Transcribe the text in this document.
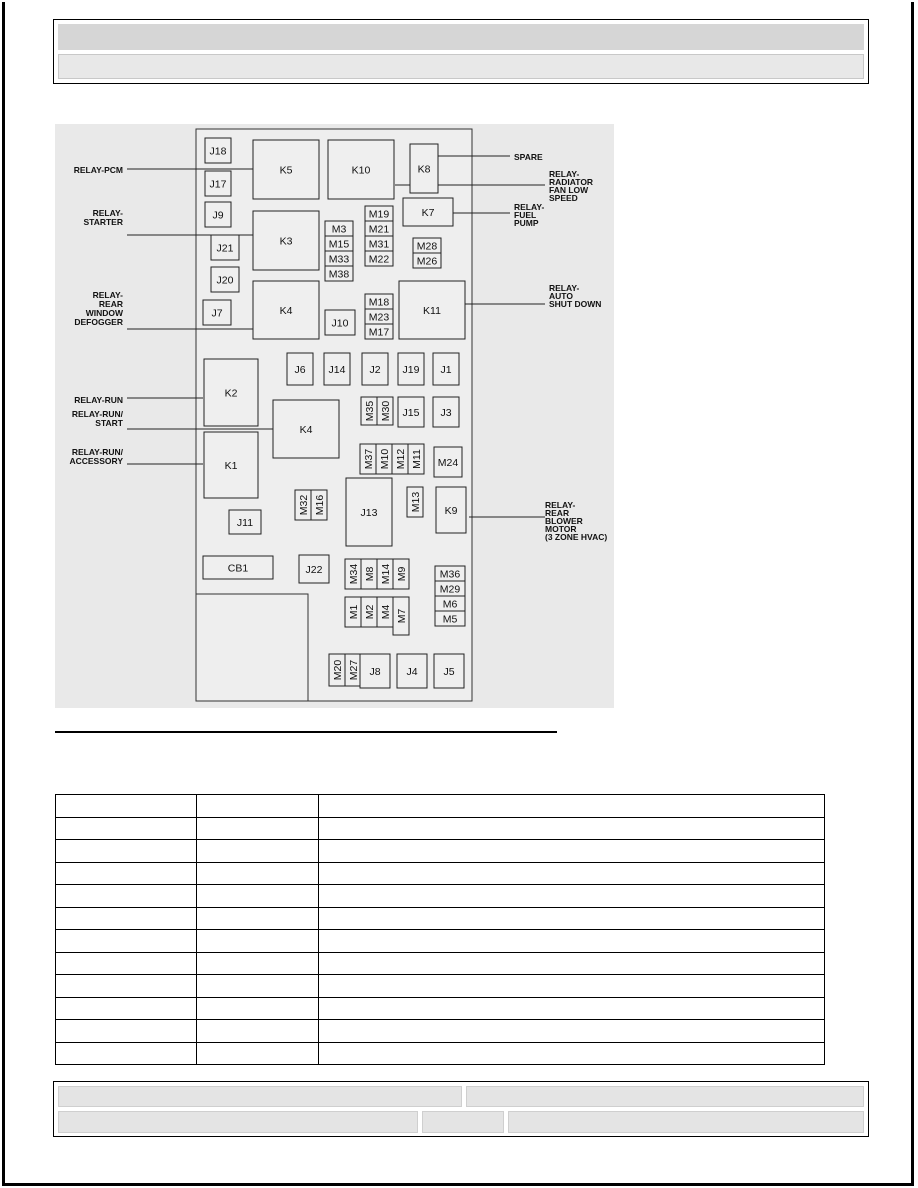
RELAY-PCM
RELAY-
STARTER
RELAY-
REAR
WINDOW
DEFOGGER
RELAY-RUN
RELAY-RUN/
START
RELAY-RUN/
ACCESSORY
SPARE
RELAY-
RADIATOR
FAN LOW
SPEED
RELAY-
FUEL
PUMP
RELAY-
AUTO
SHUT DOWN
RELAY-
REAR
BLOWER
MOTOR
(3 ZONE HVAC)
J18
J17
J9
J21
J20
J7
K5
K3
K4
K10	K8
K7
K11
M3
M15
M33
M38
M19
M21
M31
M22
M28
M26
J10
M18
M23
M17
J6 J14 J2 J19 J1
K2
K4
M35 M30 J15 J3
K1	M37 M10 M12 M11 M24
M32 M16	J13
M13 K9
J11
CB1	J22 M34 M8 M14 M9	M36
M29
M6
M5
M1 M2 M4 M7
M20 M27 J8 J4 J5
